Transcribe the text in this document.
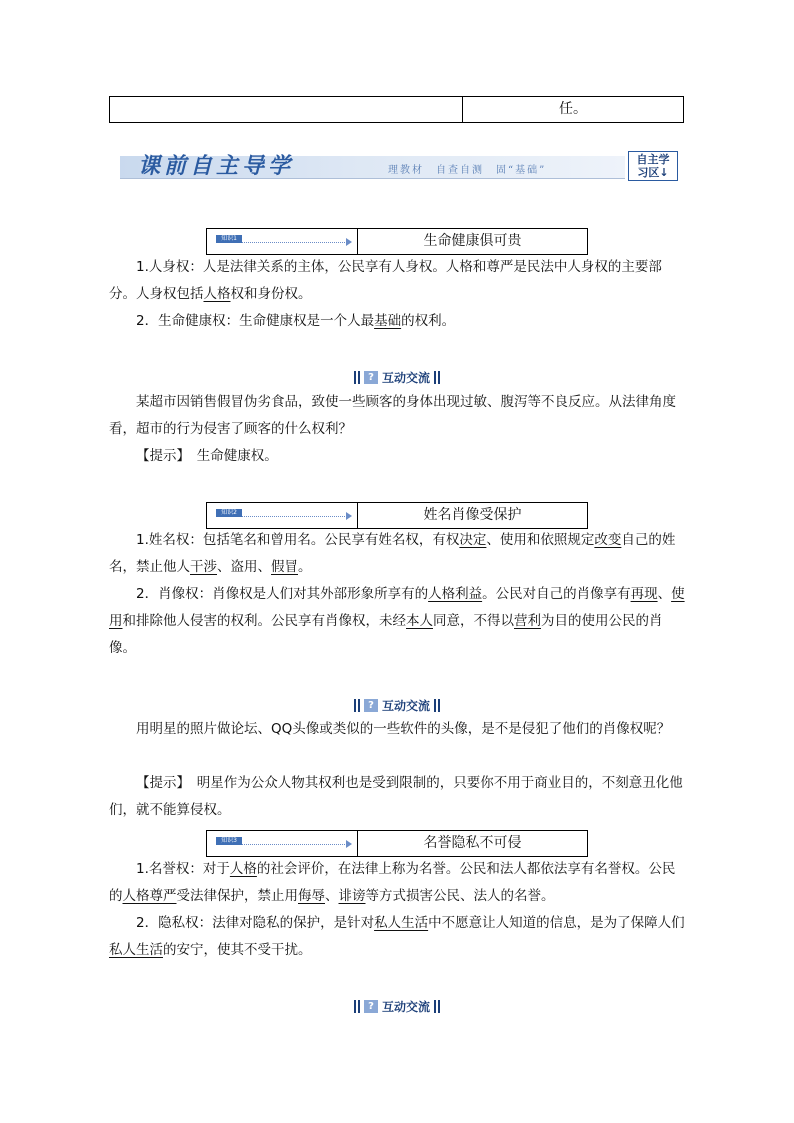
任。
课前自主导学	理教材　自查自测　固“基础”
自主学
习区↓
知识1	生命健康俱可贵

1.人身权：人是法律关系的主体，公民享有人身权。人格和尊严是民法中人身权的主要部分。人身权包括人格权和身份权。

2．生命健康权：生命健康权是一个人最基础的权利。

? 互动交流

某超市因销售假冒伪劣食品，致使一些顾客的身体出现过敏、腹泻等不良反应。从法律角度看，超市的行为侵害了顾客的什么权利？

【提示】　生命健康权。

知识2	姓名肖像受保护

1.姓名权：包括笔名和曾用名。公民享有姓名权，有权决定、使用和依照规定改变自己的姓名，禁止他人干涉、盗用、假冒。

2．肖像权：肖像权是人们对其外部形象所享有的人格利益。公民对自己的肖像享有再现、使用和排除他人侵害的权利。公民享有肖像权，未经本人同意，不得以营利为目的使用公民的肖像。

? 互动交流

用明星的照片做论坛、QQ头像或类似的一些软件的头像，是不是侵犯了他们的肖像权呢？

【提示】　明星作为公众人物其权利也是受到限制的，只要你不用于商业目的，不刻意丑化他们，就不能算侵权。

知识3	名誉隐私不可侵

1.名誉权：对于人格的社会评价，在法律上称为名誉。公民和法人都依法享有名誉权。公民的人格尊严受法律保护，禁止用侮辱、诽谤等方式损害公民、法人的名誉。

2．隐私权：法律对隐私的保护，是针对私人生活中不愿意让人知道的信息，是为了保障人们私人生活的安宁，使其不受干扰。

? 互动交流
